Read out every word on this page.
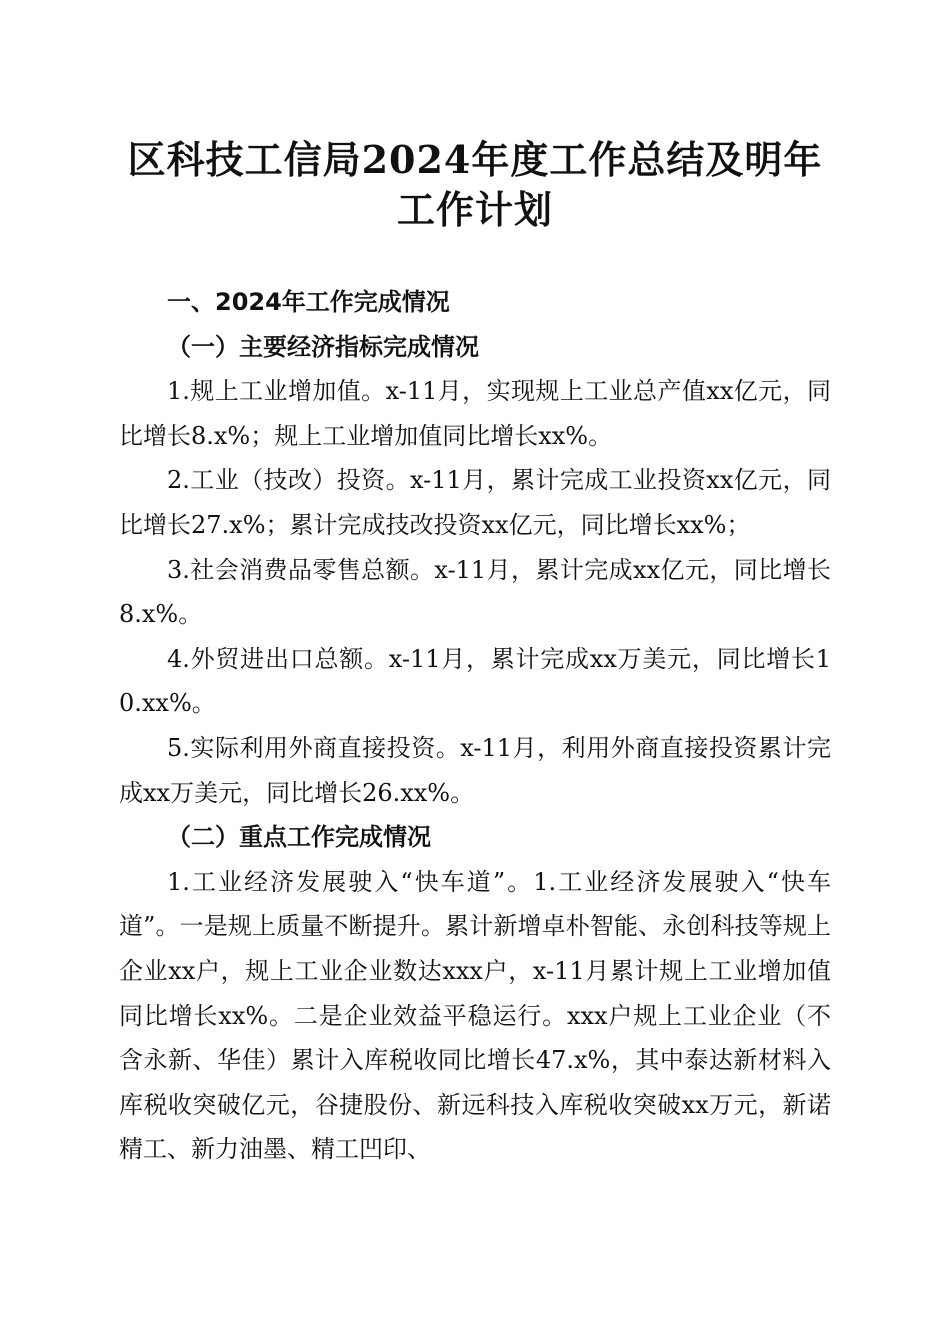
区科技工信局2024年度工作总结及明年工作计划

一、2024年工作完成情况

（一）主要经济指标完成情况

1.规上工业增加值。x-11月，实现规上工业总产值xx亿元，同比增长8.x%；规上工业增加值同比增长xx%。

2.工业（技改）投资。x-11月，累计完成工业投资xx亿元，同比增长27.x%；累计完成技改投资xx亿元，同比增长xx%；

3.社会消费品零售总额。x-11月，累计完成xx亿元，同比增长8.x%。

4.外贸进出口总额。x-11月，累计完成xx万美元，同比增长10.xx%。

5.实际利用外商直接投资。x-11月，利用外商直接投资累计完成xx万美元，同比增长26.xx%。

（二）重点工作完成情况

1.工业经济发展驶入“快车道”。1.工业经济发展驶入“快车道”。一是规上质量不断提升。累计新增卓朴智能、永创科技等规上企业xx户，规上工业企业数达xxx户，x-11月累计规上工业增加值同比增长xx%。二是企业效益平稳运行。xxx户规上工业企业（不含永新、华佳）累计入库税收同比增长47.x%，其中泰达新材料入库税收突破亿元，谷捷股份、新远科技入库税收突破xx万元，新诺精工、新力油墨、精工凹印、
